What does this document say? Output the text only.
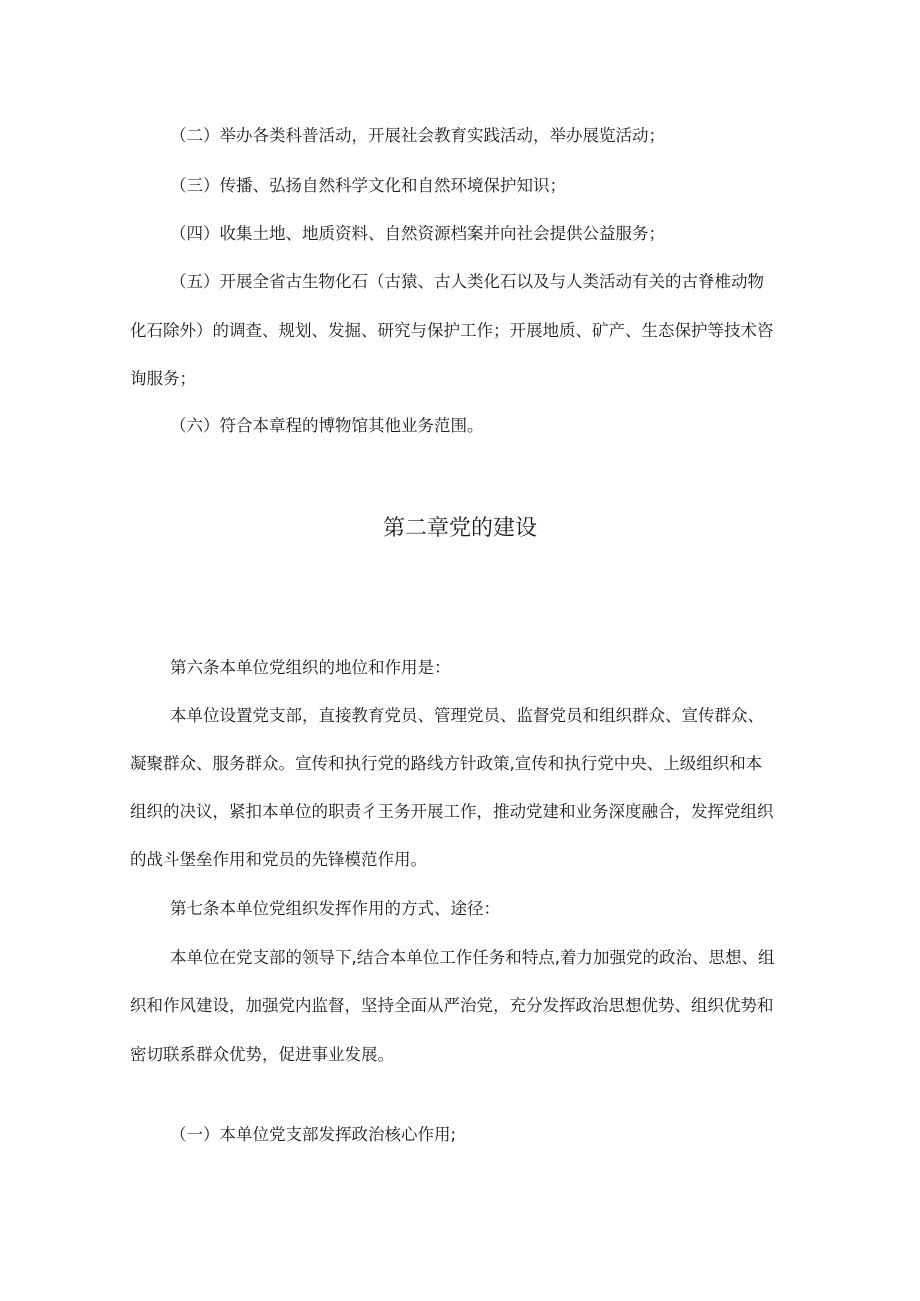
（二）举办各类科普活动，开展社会教育实践活动，举办展览活动；
（三）传播、弘扬自然科学文化和自然环境保护知识；
（四）收集土地、地质资料、自然资源档案并向社会提供公益服务；
（五）开展全省古生物化石（古猿、古人类化石以及与人类活动有关的古脊椎动物
化石除外）的调查、规划、发掘、研究与保护工作；开展地质、矿产、生态保护等技术咨
询服务；
（六）符合本章程的博物馆其他业务范围。
第二章党的建设
第六条本单位党组织的地位和作用是：
本单位设置党支部，直接教育党员、管理党员、监督党员和组织群众、宣传群众、
凝聚群众、服务群众。宣传和执行党的路线方针政策,宣传和执行党中央、上级组织和本
组织的决议，紧扣本单位的职责彳王务开展工作，推动党建和业务深度融合，发挥党组织
的战斗堡垒作用和党员的先锋模范作用。
第七条本单位党组织发挥作用的方式、途径：
本单位在党支部的领导下,结合本单位工作任务和特点,着力加强党的政治、思想、组
织和作风建设，加强党内监督，坚持全面从严治党，充分发挥政治思想优势、组织优势和
密切联系群众优势，促进事业发展。
（一）本单位党支部发挥政治核心作用;
